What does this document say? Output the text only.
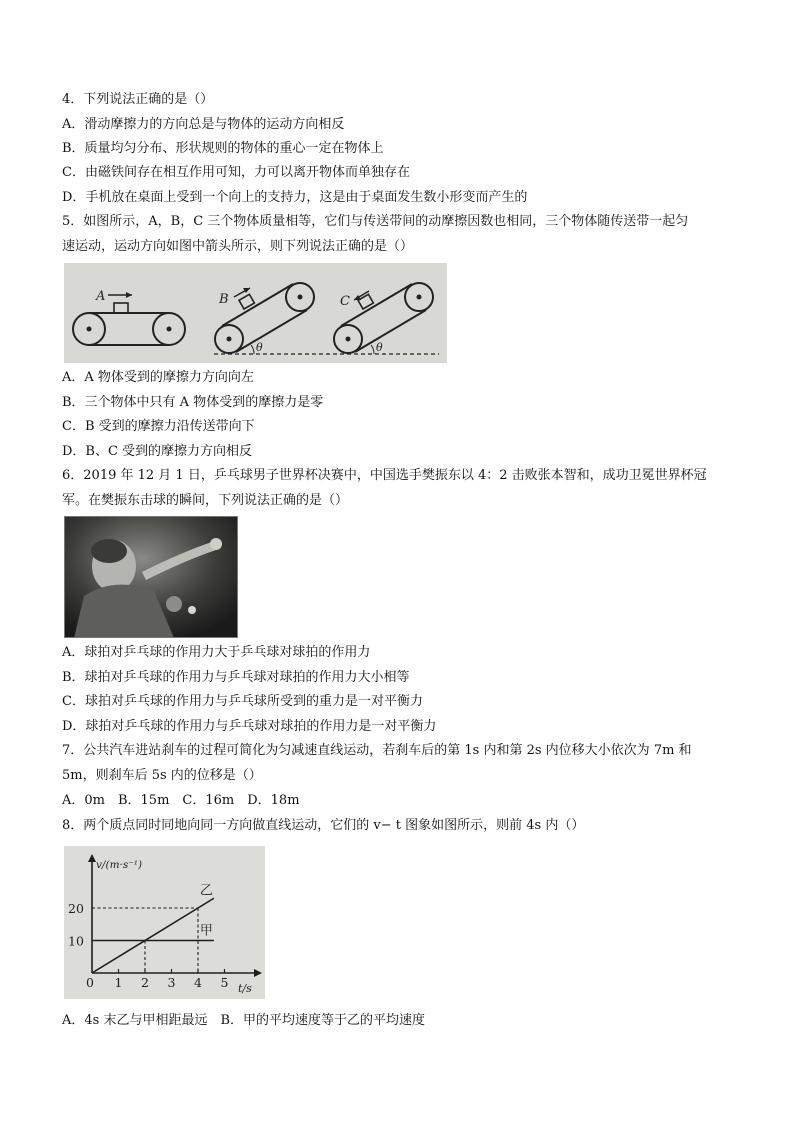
4．下列说法正确的是（）
A．滑动摩擦力的方向总是与物体的运动方向相反
B．质量均匀分布、形状规则的物体的重心一定在物体上
C．由磁铁间存在相互作用可知，力可以离开物体而单独存在
D．手机放在桌面上受到一个向上的支持力，这是由于桌面发生数小形变而产生的
5．如图所示，A，B，C 三个物体质量相等，它们与传送带间的动摩擦因数也相同，三个物体随传送带一起匀
速运动，运动方向如图中箭头所示，则下列说法正确的是（）
A	B
θ
C
θ
A．A 物体受到的摩擦力方向向左
B．三个物体中只有 A 物体受到的摩擦力是零
C．B 受到的摩擦力沿传送带向下
D．B、C 受到的摩擦力方向相反
6．2019 年 12 月 1 日，乒乓球男子世界杯决赛中，中国选手樊振东以 4：2 击败张本智和，成功卫冕世界杯冠
军。在樊振东击球的瞬间，下列说法正确的是（）
A．球拍对乒乓球的作用力大于乒乓球对球拍的作用力
B．球拍对乒乓球的作用力与乒乓球对球拍的作用力大小相等
C．球拍对乒乓球的作用力与乒乓球所受到的重力是一对平衡力
D．球拍对乒乓球的作用力与乒乓球对球拍的作用力是一对平衡力
7．公共汽车进站刹车的过程可简化为匀减速直线运动，若刹车后的第 1s 内和第 2s 内位移大小依次为 7m 和
5m，则刹车后 5s 内的位移是（）
A．0m　B．15m　C．16m　D．18m
8．两个质点同时同地向同一方向做直线运动，它们的 v− t 图象如图所示，则前 4s 内（）
v/(m·s⁻¹)
t/s
0 1 2 3 4 5
10
20
甲
乙
A．4s 末乙与甲相距最远　B．甲的平均速度等于乙的平均速度
